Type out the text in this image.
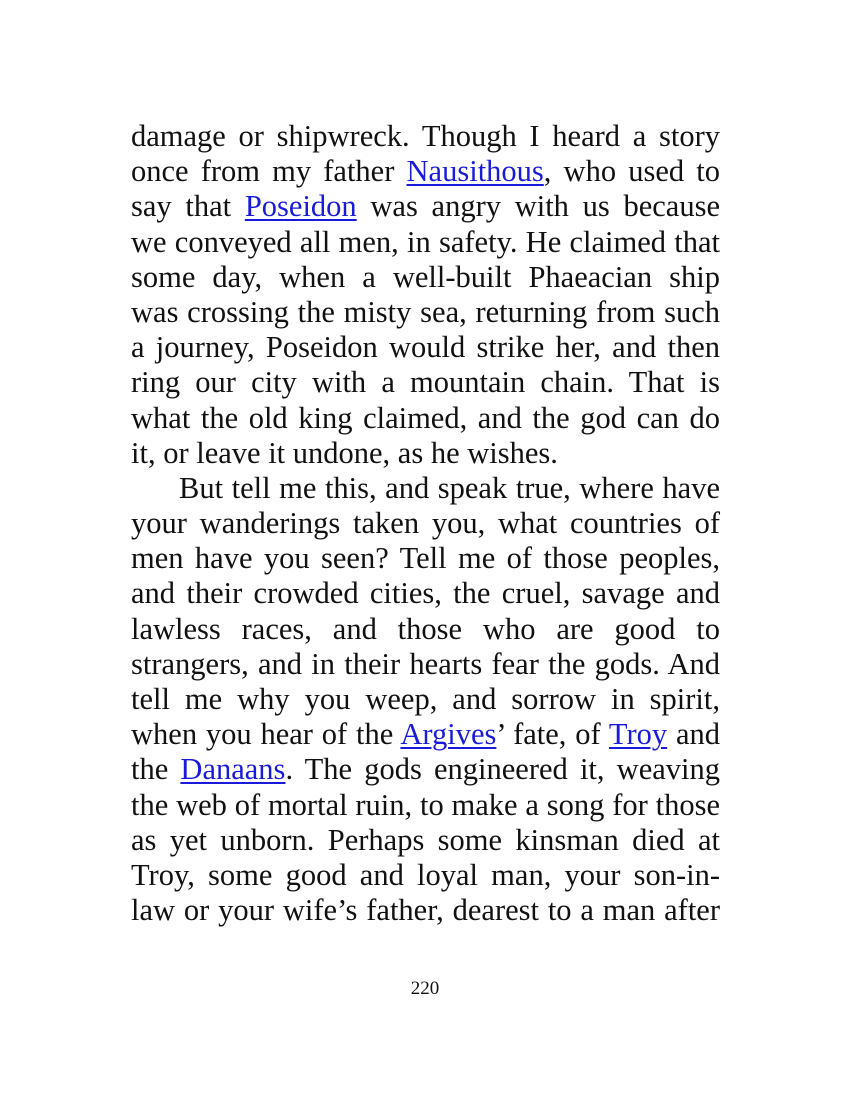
damage or shipwreck. Though I heard a story
once from my father Nausithous, who used to
say that Poseidon was angry with us because
we conveyed all men, in safety. He claimed that
some day, when a well-built Phaeacian ship
was crossing the misty sea, returning from such
a journey, Poseidon would strike her, and then
ring our city with a mountain chain. That is
what the old king claimed, and the god can do
it, or leave it undone, as he wishes.
But tell me this, and speak true, where have
your wanderings taken you, what countries of
men have you seen? Tell me of those peoples,
and their crowded cities, the cruel, savage and
lawless races, and those who are good to
strangers, and in their hearts fear the gods. And
tell me why you weep, and sorrow in spirit,
when you hear of the Argives’ fate, of Troy and
the Danaans. The gods engineered it, weaving
the web of mortal ruin, to make a song for those
as yet unborn. Perhaps some kinsman died at
Troy, some good and loyal man, your son-in-
law or your wife’s father, dearest to a man after
220
